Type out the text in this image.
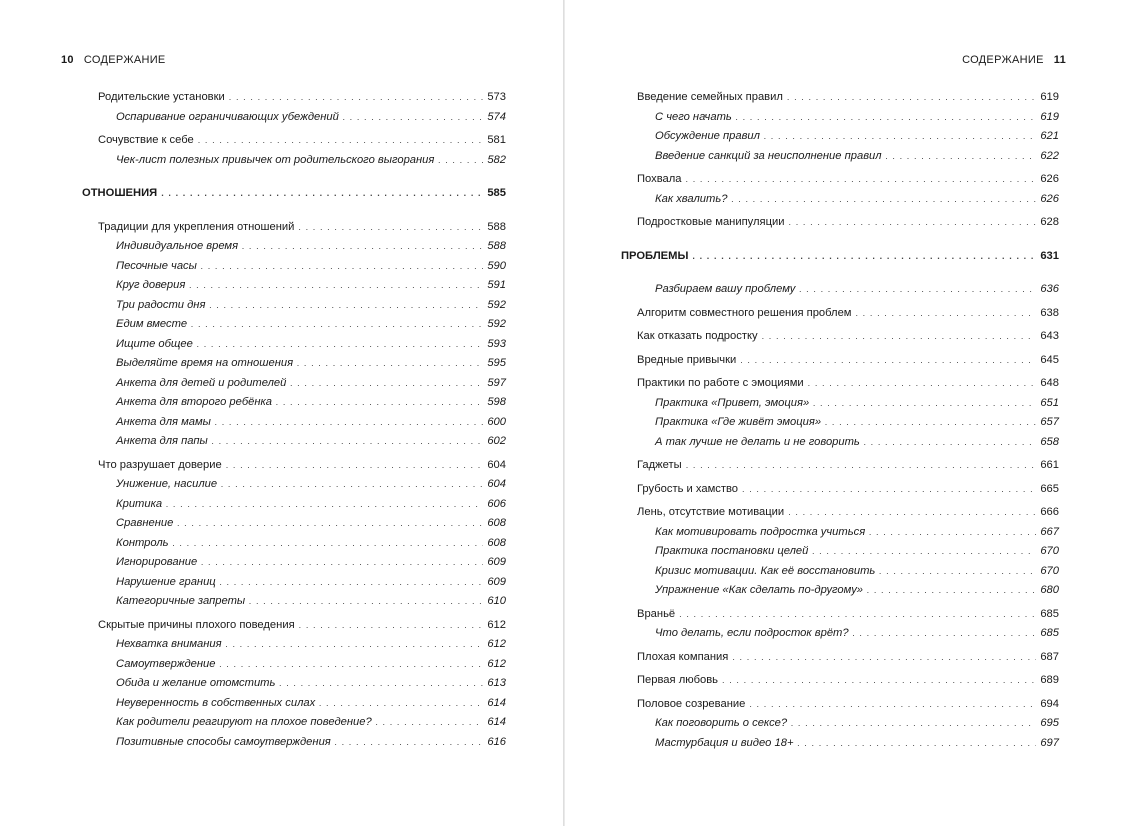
10 СОДЕРЖАНИЕ
Родительские установки . . .	573
Оспаривание ограничивающих убеждений . . .	574
Сочувствие к себе . . .	581
Чек-лист полезных привычек от родительского выгорания . . .	582
ОТНОШЕНИЯ . . .	585
Традиции для укрепления отношений . . .	588
Индивидуальное время . . .	588
Песочные часы . . .	590
Круг доверия . . .	591
Три радости дня . . .	592
Едим вместе . . .	592
Ищите общее . . .	593
Выделяйте время на отношения . . .	595
Анкета для детей и родителей . . .	597
Анкета для второго ребёнка . . .	598
Анкета для мамы . . .	600
Анкета для папы . . .	602
Что разрушает доверие . . .	604
Унижение, насилие . . .	604
Критика . . .	606
Сравнение . . .	608
Контроль . . .	608
Игнорирование . . .	609
Нарушение границ . . .	609
Категоричные запреты . . .	610
Скрытые причины плохого поведения . . .	612
Нехватка внимания . . .	612
Самоутверждение . . .	612
Обида и желание отомстить . . .	613
Неуверенность в собственных силах . . .	614
Как родители реагируют на плохое поведение? . . .	614
Позитивные способы самоутверждения . . .	616
СОДЕРЖАНИЕ 11
Введение семейных правил . . .	619
С чего начать . . .	619
Обсуждение правил . . .	621
Введение санкций за неисполнение правил . . .	622
Похвала . . .	626
Как хвалить? . . .	626
Подростковые манипуляции . . .	628
ПРОБЛЕМЫ . . .	631
Разбираем вашу проблему . . .	636
Алгоритм совместного решения проблем . . .	638
Как отказать подростку . . .	643
Вредные привычки . . .	645
Практики по работе с эмоциями . . .	648
Практика «Привет, эмоция» . . .	651
Практика «Где живёт эмоция» . . .	657
А так лучше не делать и не говорить . . .	658
Гаджеты . . .	661
Грубость и хамство . . .	665
Лень, отсутствие мотивации . . .	666
Как мотивировать подростка учиться . . .	667
Практика постановки целей . . .	670
Кризис мотивации. Как её восстановить . . .	670
Упражнение «Как сделать по-другому» . . .	680
Враньё . . .	685
Что делать, если подросток врёт? . . .	685
Плохая компания . . .	687
Первая любовь . . .	689
Половое созревание . . .	694
Как поговорить о сексе? . . .	695
Мастурбация и видео 18+ . . .	697
